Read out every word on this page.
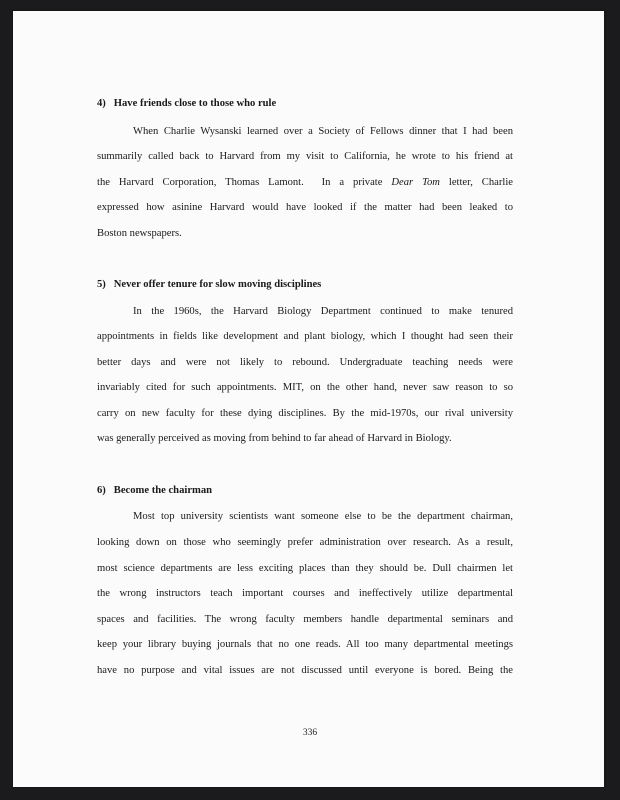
4)   Have friends close to those who rule
When Charlie Wysanski learned over a Society of Fellows dinner that I had been
summarily called back to Harvard from my visit to California, he wrote to his friend at
the Harvard Corporation, Thomas Lamont.  In a private Dear Tom letter, Charlie
expressed how asinine Harvard would have looked if the matter had been leaked to
Boston newspapers.
5)   Never offer tenure for slow moving disciplines
In the 1960s, the Harvard Biology Department continued to make tenured
appointments in fields like development and plant biology, which I thought had seen their
better days and were not likely to rebound. Undergraduate teaching needs were
invariably cited for such appointments. MIT, on the other hand, never saw reason to so
carry on new faculty for these dying disciplines. By the mid-1970s, our rival university
was generally perceived as moving from behind to far ahead of Harvard in Biology.
6)   Become the chairman
Most top university scientists want someone else to be the department chairman,
looking down on those who seemingly prefer administration over research. As a result,
most science departments are less exciting places than they should be. Dull chairmen let
the wrong instructors teach important courses and ineffectively utilize departmental
spaces and facilities. The wrong faculty members handle departmental seminars and
keep your library buying journals that no one reads. All too many departmental meetings
have no purpose and vital issues are not discussed until everyone is bored. Being the
336
